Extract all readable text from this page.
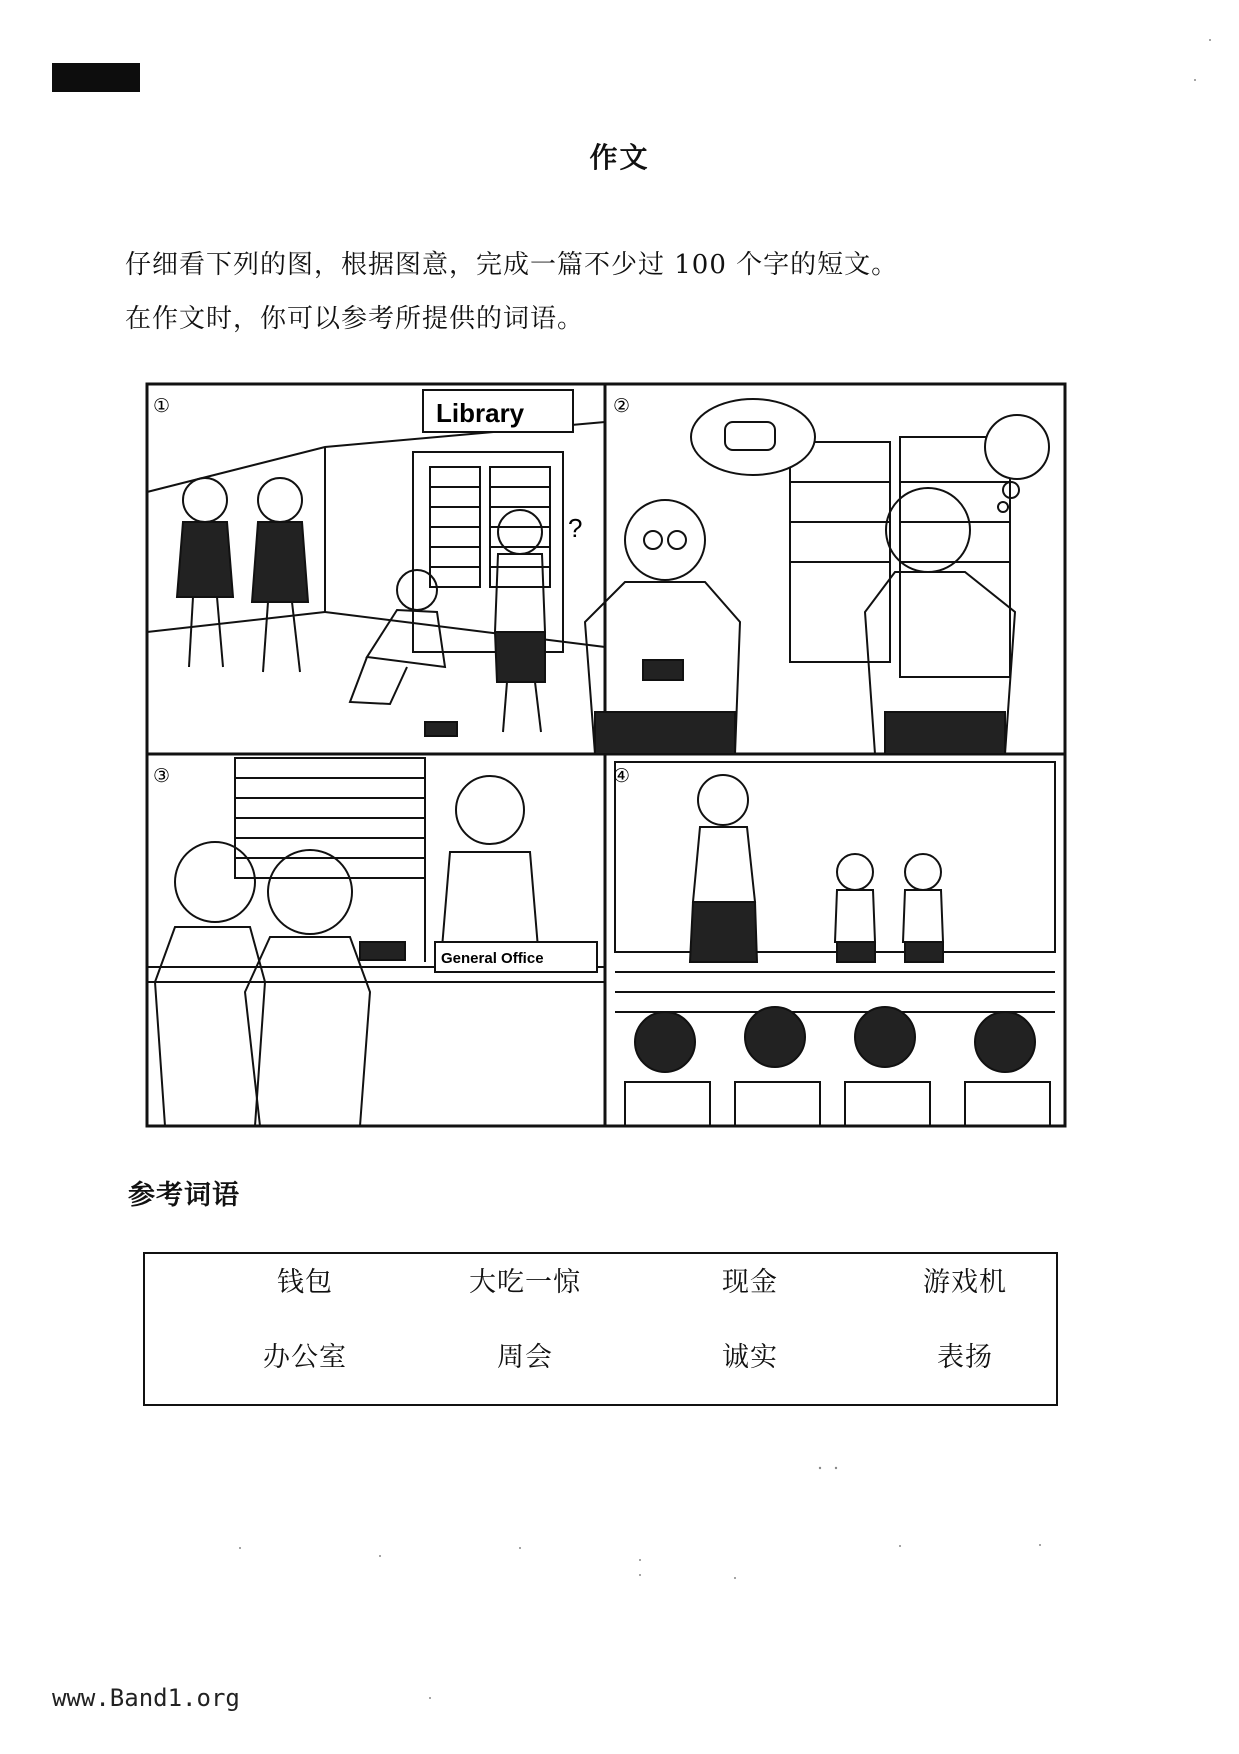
作文
仔细看下列的图，根据图意，完成一篇不少过 100 个字的短文。
在作文时，你可以参考所提供的词语。
①	Library
?
②
③
General Office
④
参考词语
钱包	大吃一惊	现金	游戏机
办公室	周会	诚实	表扬
www.Band1.org
